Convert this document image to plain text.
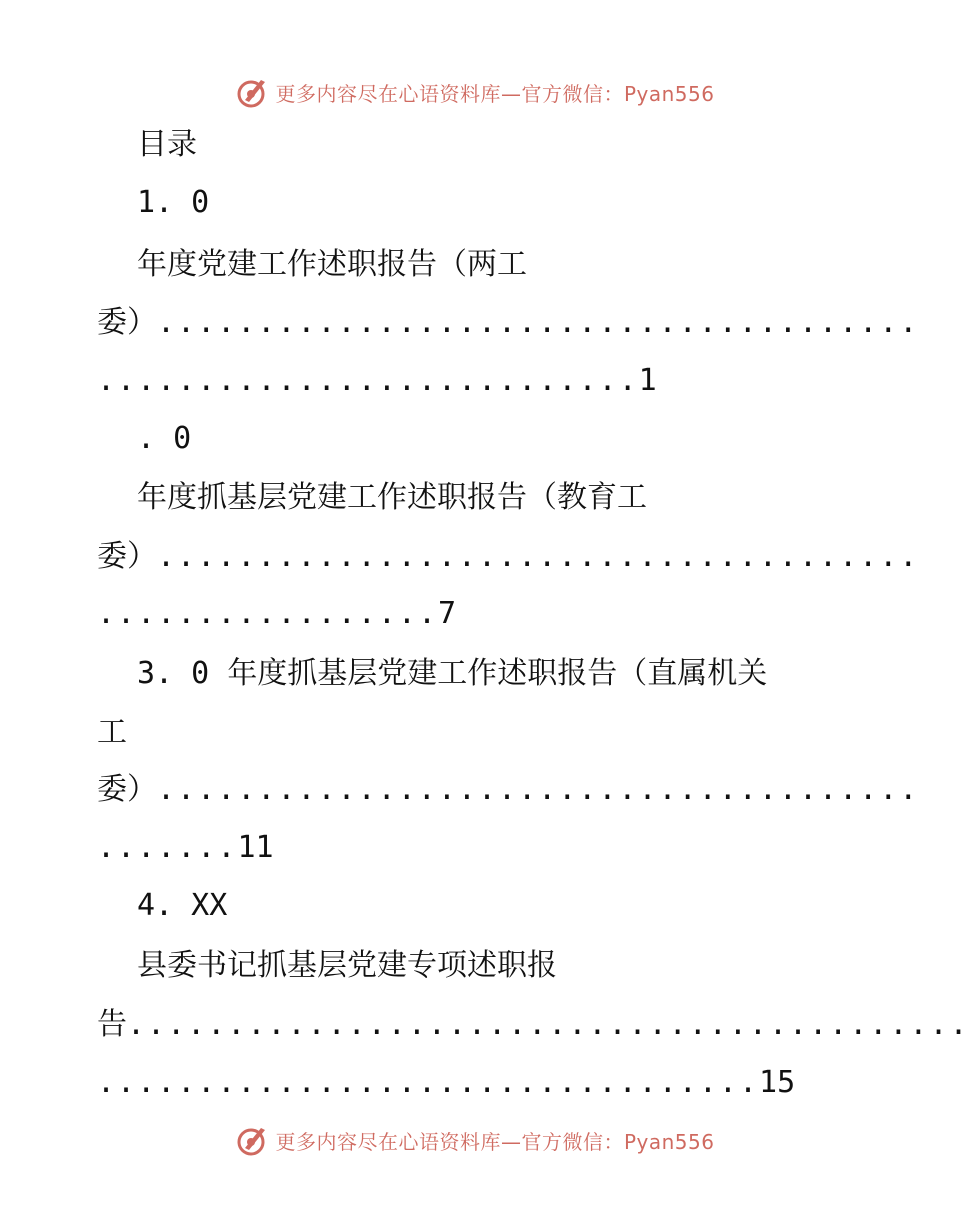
更多内容尽在心语资料库—官方微信：Pyan556
目录
1. 0
年度党建工作述职报告（两工
委） ......................................
...........................1
. 0
年度抓基层党建工作述职报告（教育工
委） ......................................
.................7
3. 0 年度抓基层党建工作述职报告（直属机关
工
委） ......................................
.......11
4. XX
县委书记抓基层党建专项述职报
告 ..........................................
.................................15
更多内容尽在心语资料库—官方微信：Pyan556
